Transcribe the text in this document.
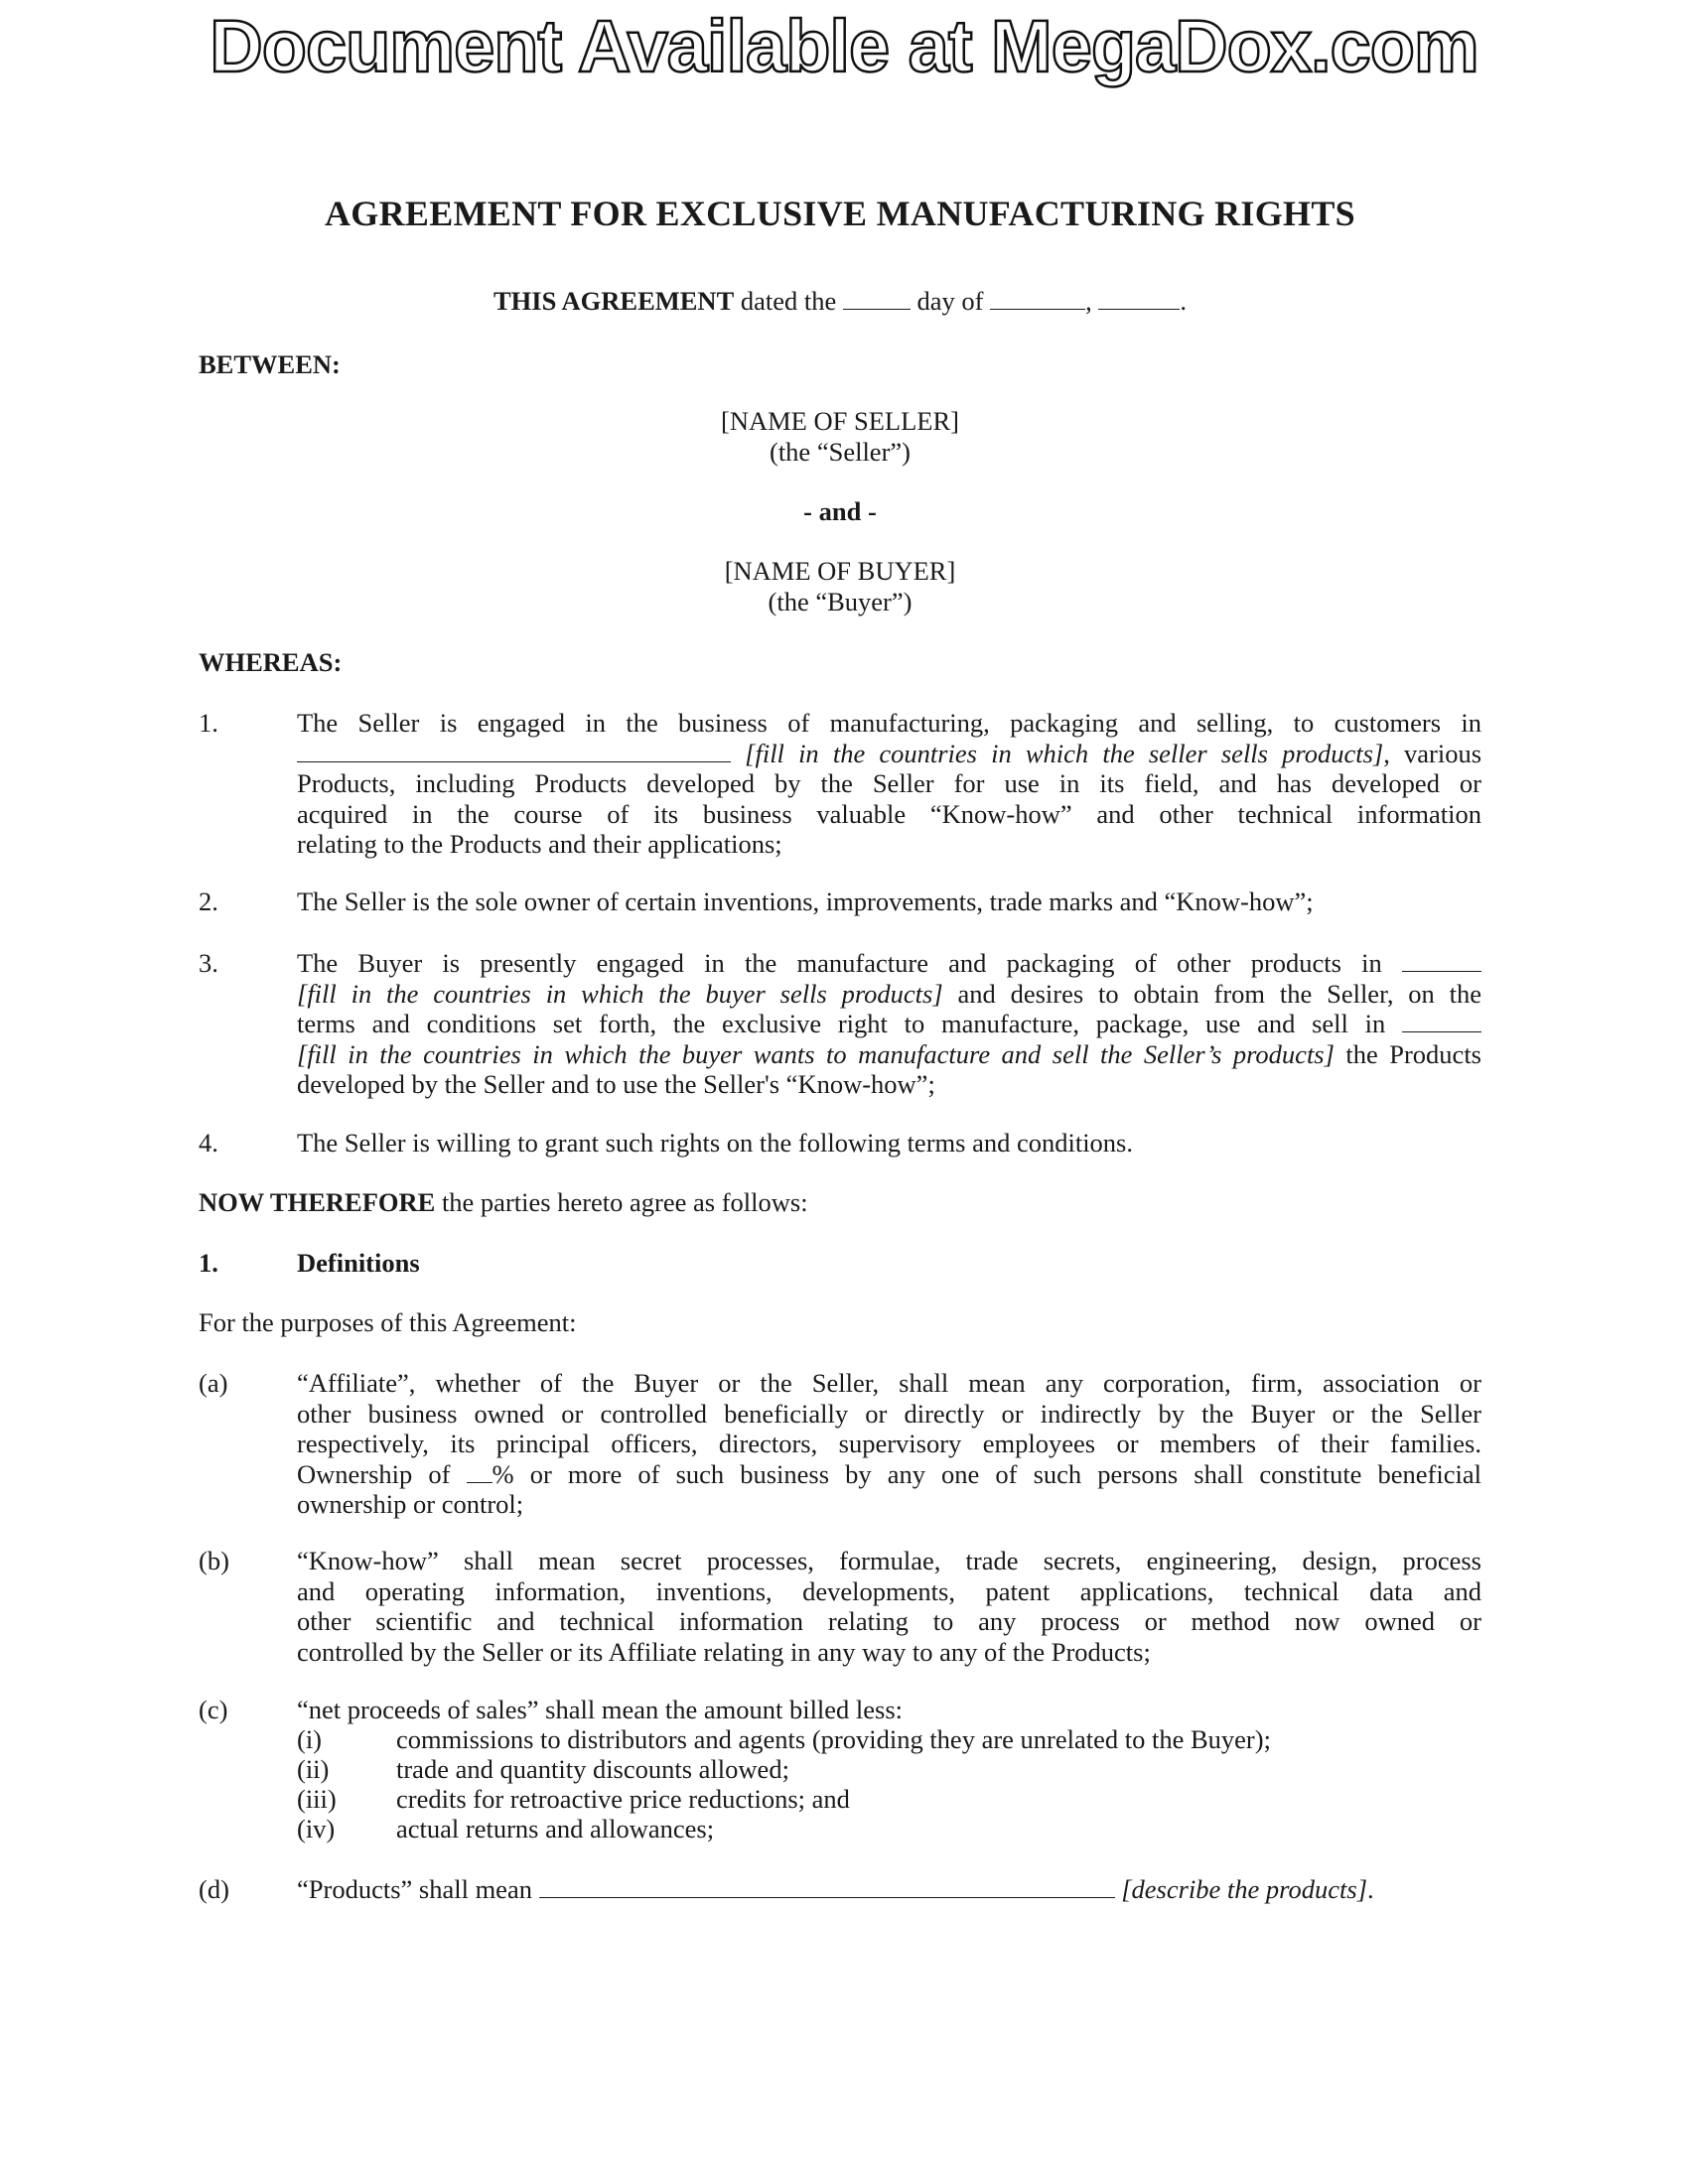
Document Available at MegaDox.com
AGREEMENT FOR EXCLUSIVE MANUFACTURING RIGHTS
THIS AGREEMENT dated the	day of	,	.
BETWEEN:
[NAME OF SELLER]
(the “Seller”)
- and -
[NAME OF BUYER]
(the “Buyer”)
WHEREAS:
1.	The Seller is engaged in the business of manufacturing, packaging and selling, to customers in
[fill in the countries in which the seller sells products], various
Products, including Products developed by the Seller for use in its field, and has developed or
acquired in the course of its business valuable “Know-how” and other technical information
relating to the Products and their applications;
2.	The Seller is the sole owner of certain inventions, improvements, trade marks and “Know-how”;
3.	The Buyer is presently engaged in the manufacture and packaging of other products in
[fill in the countries in which the buyer sells products] and desires to obtain from the Seller, on the
terms and conditions set forth, the exclusive right to manufacture, package, use and sell in
[fill in the countries in which the buyer wants to manufacture and sell the Seller’s products] the Products
developed by the Seller and to use the Seller's “Know-how”;
4.	The Seller is willing to grant such rights on the following terms and conditions.
NOW THEREFORE the parties hereto agree as follows:
1.	Definitions
For the purposes of this Agreement:
(a)	“Affiliate”, whether of the Buyer or the Seller, shall mean any corporation, firm, association or
other business owned or controlled beneficially or directly or indirectly by the Buyer or the Seller
respectively, its principal officers, directors, supervisory employees or members of their families.
Ownership of % or more of such business by any one of such persons shall constitute beneficial
ownership or control;
(b)	“Know-how” shall mean secret processes, formulae, trade secrets, engineering, design, process
and operating information, inventions, developments, patent applications, technical data and
other scientific and technical information relating to any process or method now owned or
controlled by the Seller or its Affiliate relating in any way to any of the Products;
(c)	“net proceeds of sales” shall mean the amount billed less:
(i)	commissions to distributors and agents (providing they are unrelated to the Buyer);
(ii)	trade and quantity discounts allowed;
(iii) credits for retroactive price reductions; and
(iv) actual returns and allowances;
(d)	“Products” shall mean	[describe the products].
